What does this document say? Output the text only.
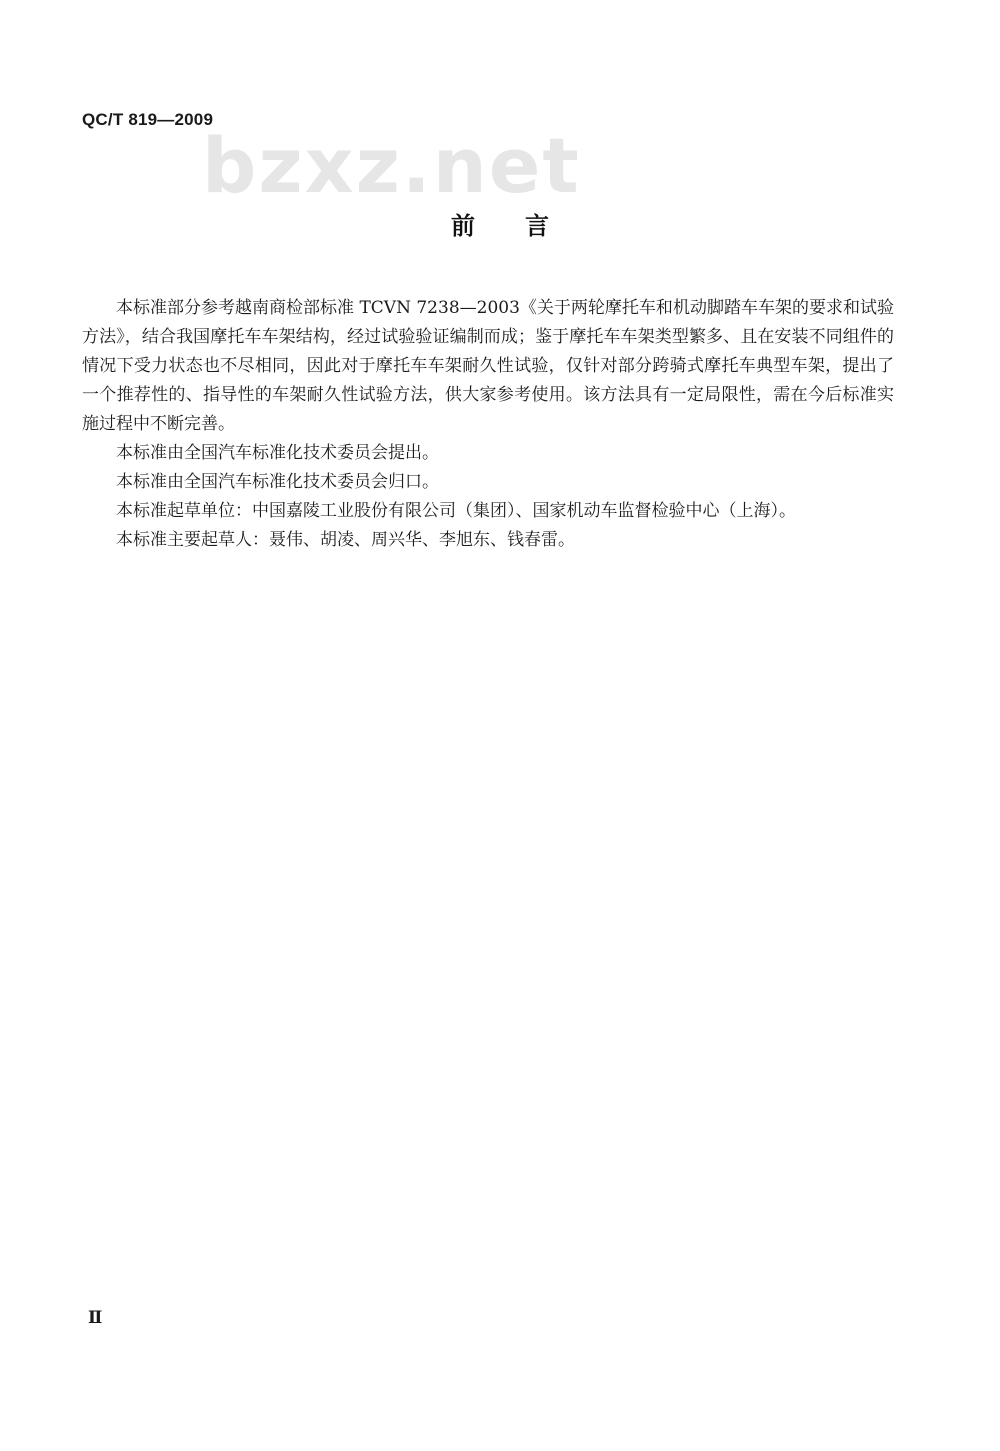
QC/T 819—2009
bzxz.net
前言

本标准部分参考越南商检部标准 TCVN 7238—2003《关于两轮摩托车和机动脚踏车车架的要求和试验方法》，结合我国摩托车车架结构，经过试验验证编制而成；鉴于摩托车车架类型繁多、且在安装不同组件的情况下受力状态也不尽相同，因此对于摩托车车架耐久性试验，仅针对部分跨骑式摩托车典型车架，提出了一个推荐性的、指导性的车架耐久性试验方法，供大家参考使用。该方法具有一定局限性，需在今后标准实施过程中不断完善。

本标准由全国汽车标准化技术委员会提出。

本标准由全国汽车标准化技术委员会归口。

本标准起草单位：中国嘉陵工业股份有限公司（集团）、国家机动车监督检验中心（上海）。

本标准主要起草人：聂伟、胡凌、周兴华、李旭东、钱春雷。

Ⅱ
